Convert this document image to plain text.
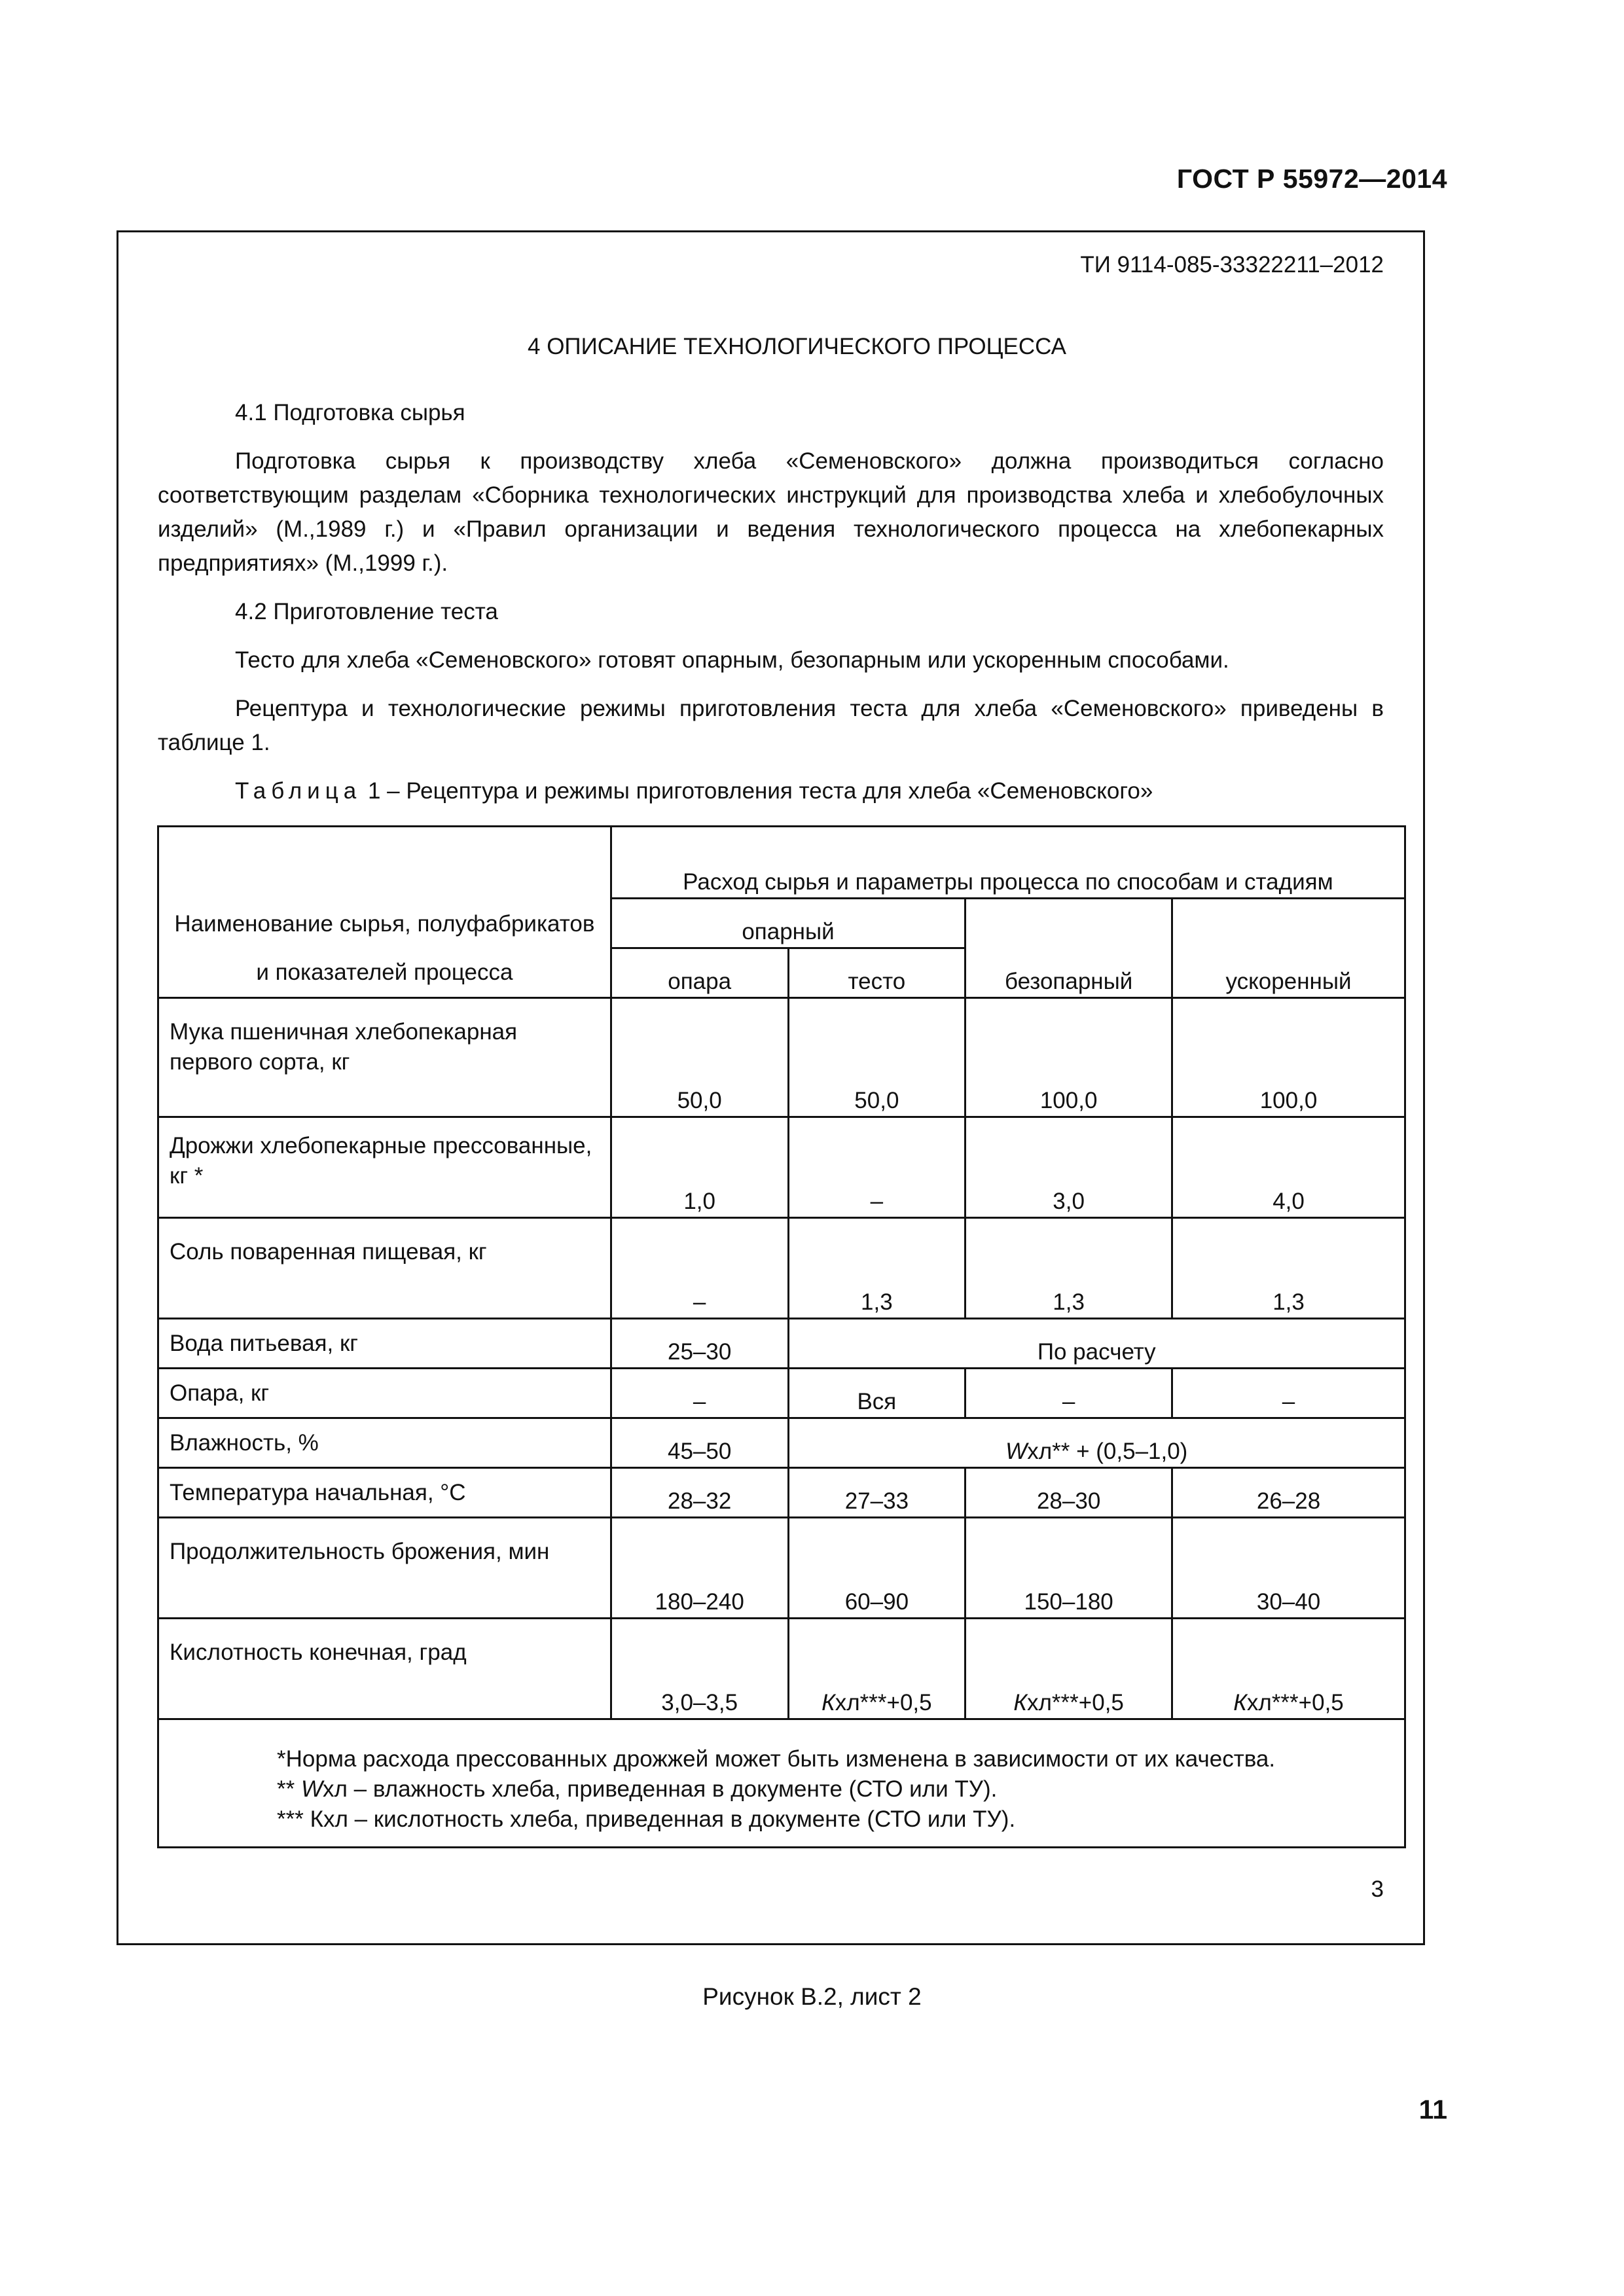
ГОСТ Р 55972—2014
ТИ 9114-085-33322211–2012
4 ОПИСАНИЕ ТЕХНОЛОГИЧЕСКОГО ПРОЦЕССА

4.1 Подготовка сырья

Подготовка сырья к производству хлеба «Семеновского» должна производиться согласно соответствующим разделам «Сборника технологических инструкций для производства хлеба и хлебобулочных изделий» (М.,1989 г.) и «Правил организации и ведения технологического процесса на хлебопекарных предприятиях» (М.,1999 г.).

4.2 Приготовление теста

Тесто для хлеба «Семеновского» готовят опарным, безопарным или ускоренным способами.

Рецептура и технологические режимы приготовления теста для хлеба «Семеновского» приведены в таблице 1.

Таблица 1 – Рецептура и режимы приготовления теста для хлеба «Семеновского»

Наименование сырья, полуфабрикатов и показателей процесса	Расход сырья и параметры процесса по способам и стадиям			
	опарный		безопарный	ускоренный
	опара	тесто		
Мука пшеничная хлебопекарная первого сорта, кг	50,0	50,0	100,0	100,0
Дрожжи хлебопекарные прессованные, кг *	1,0	–	3,0	4,0
Соль поваренная пищевая, кг	–	1,3	1,3	1,3
Вода питьевая, кг	25–30	По расчету		
Опара, кг	–	Вся	–	–
Влажность, %	45–50	Wхл** + (0,5–1,0)		
Температура начальная, °С	28–32	27–33	28–30	26–28
Продолжительность брожения, мин	180–240	60–90	150–180	30–40
Кислотность конечная, град	3,0–3,5	Кхл***+0,5	Кхл***+0,5	Кхл***+0,5

*Норма расхода прессованных дрожжей может быть изменена в зависимости от их качества.
** Wхл – влажность хлеба, приведенная в документе (СТО или ТУ).
*** Кхл – кислотность хлеба, приведенная в документе (СТО или ТУ).				
3
Рисунок В.2, лист 2
11
